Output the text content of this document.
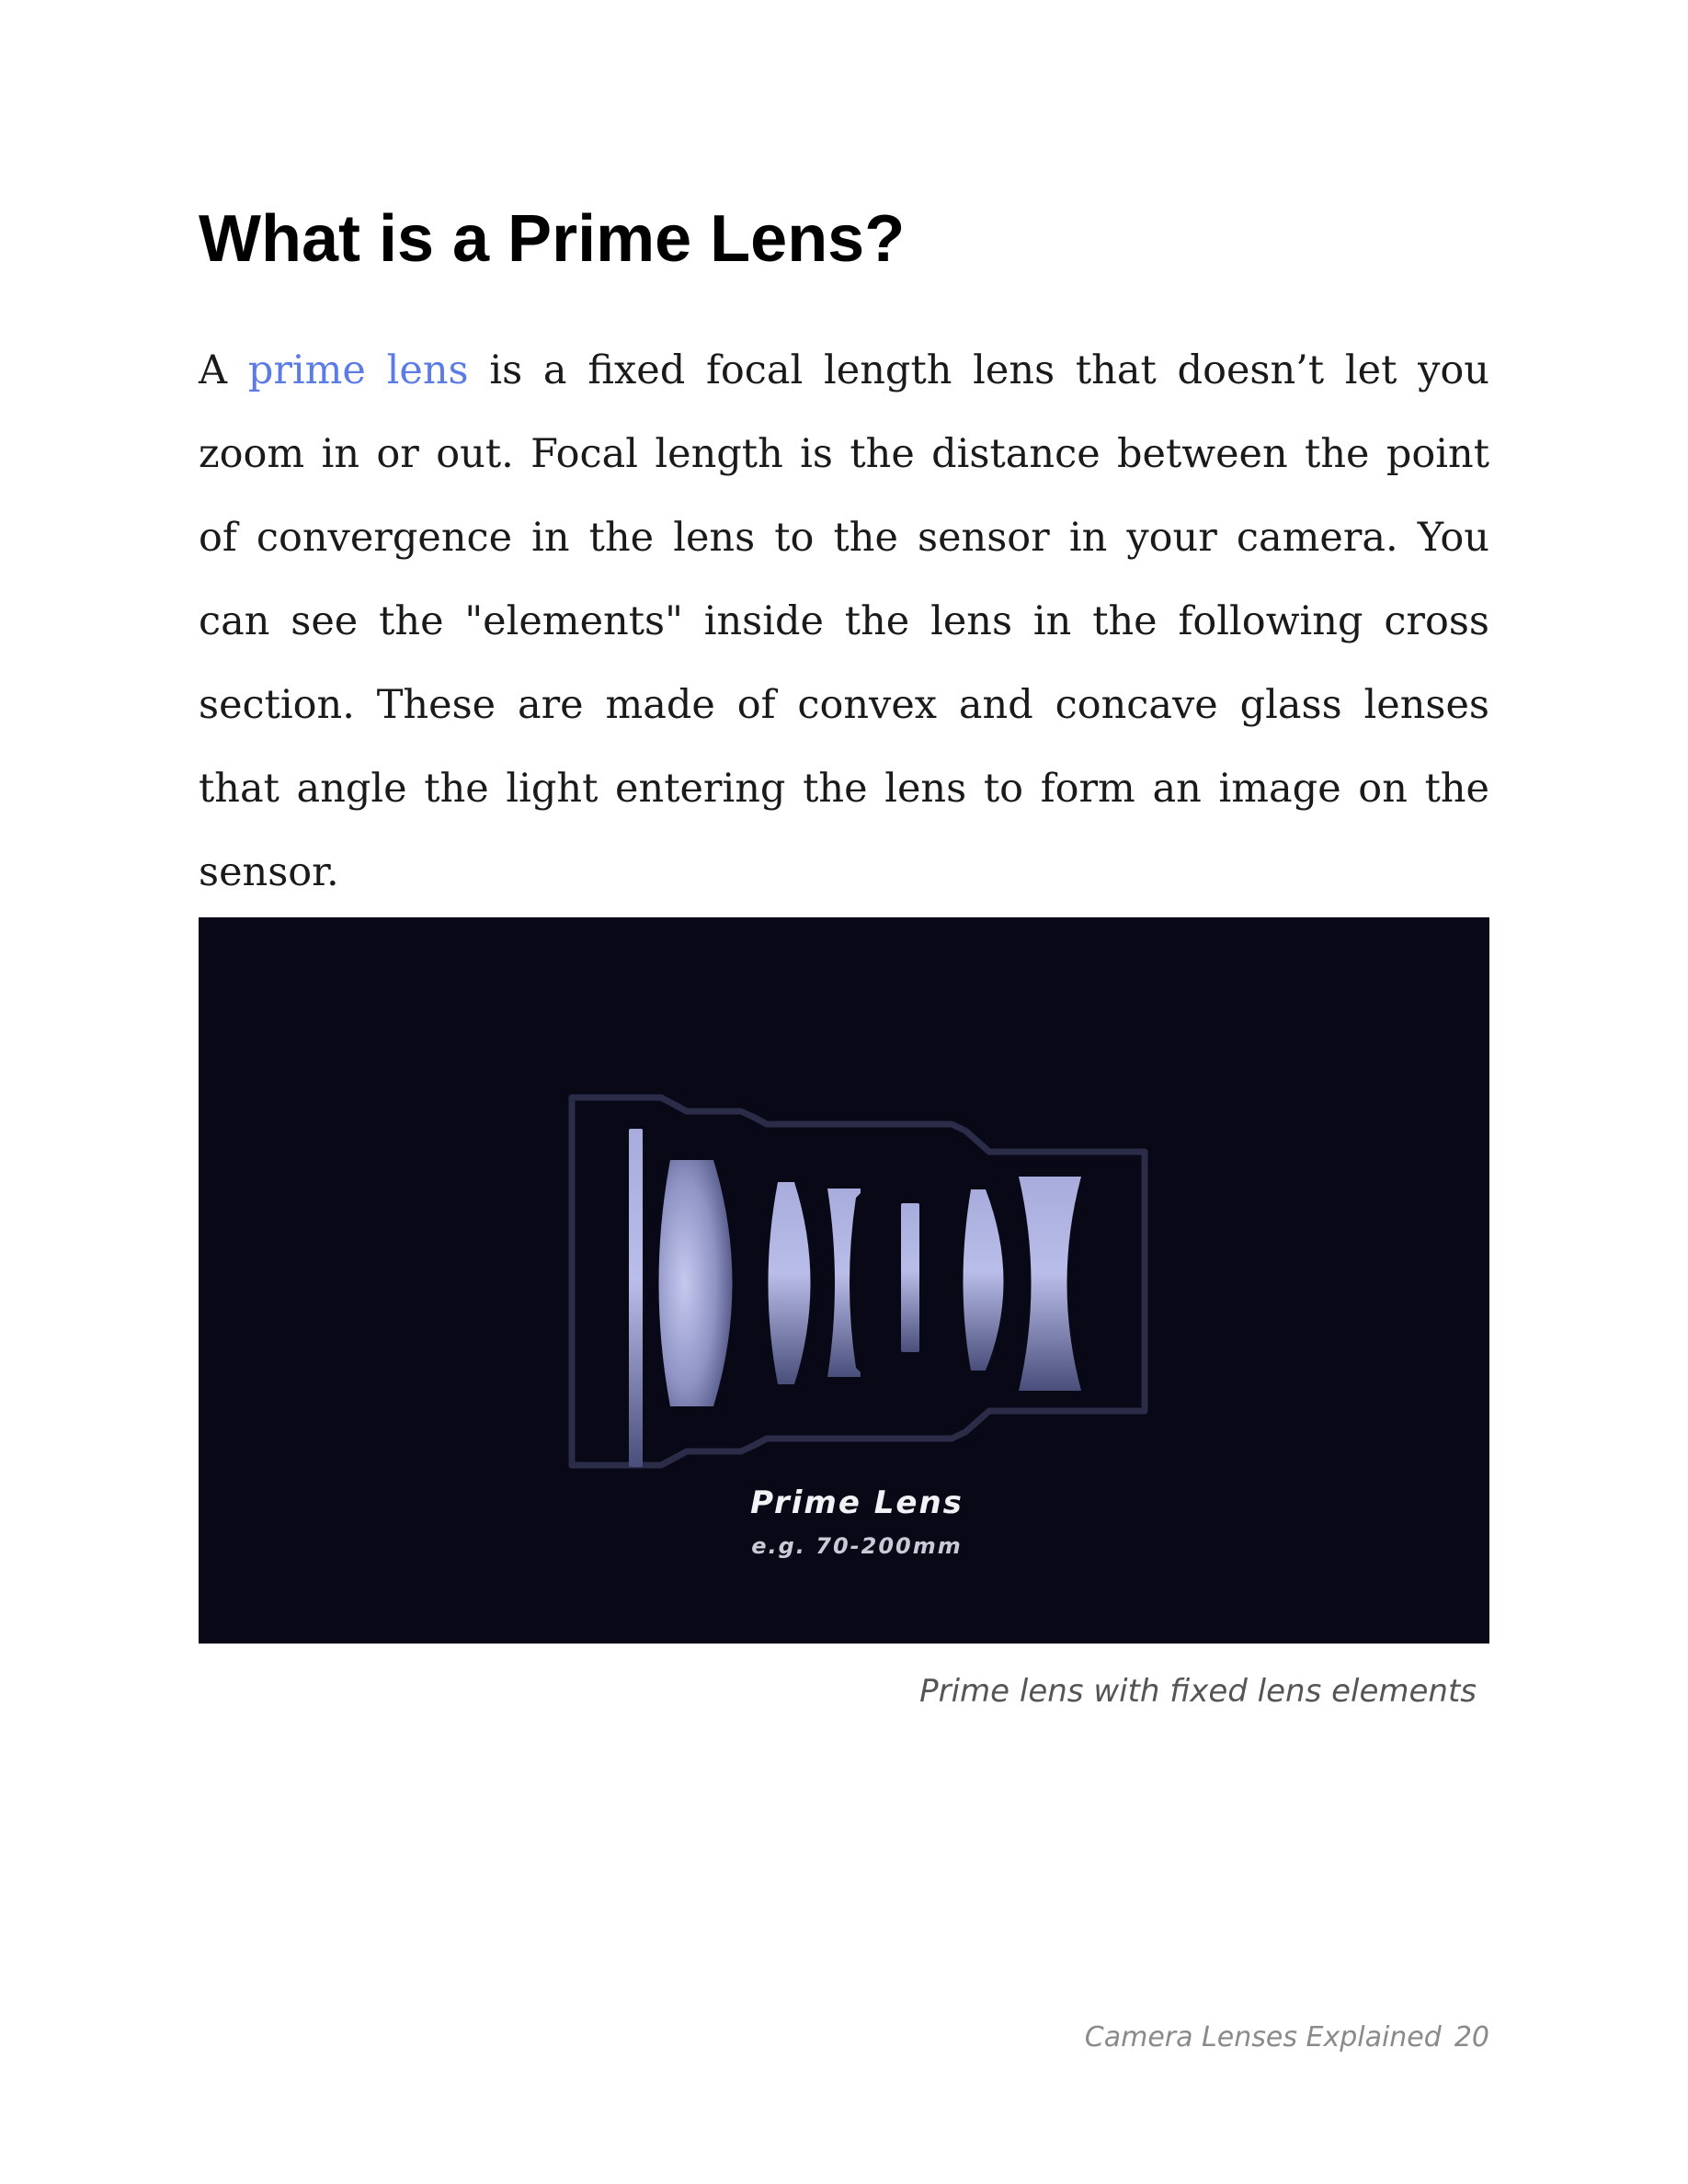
What is a Prime Lens?

A prime lens is a fixed focal length lens that doesn’t let you zoom in or out. Focal length is the distance between the point of convergence in the lens to the sensor in your camera. You can see the "elements" inside the lens in the following cross section. These are made of convex and concave glass lenses that angle the light entering the lens to form an image on the sensor.

Prime Lens
e.g. 70-200mm

Prime lens with fixed lens elements

Camera Lenses Explained 20
